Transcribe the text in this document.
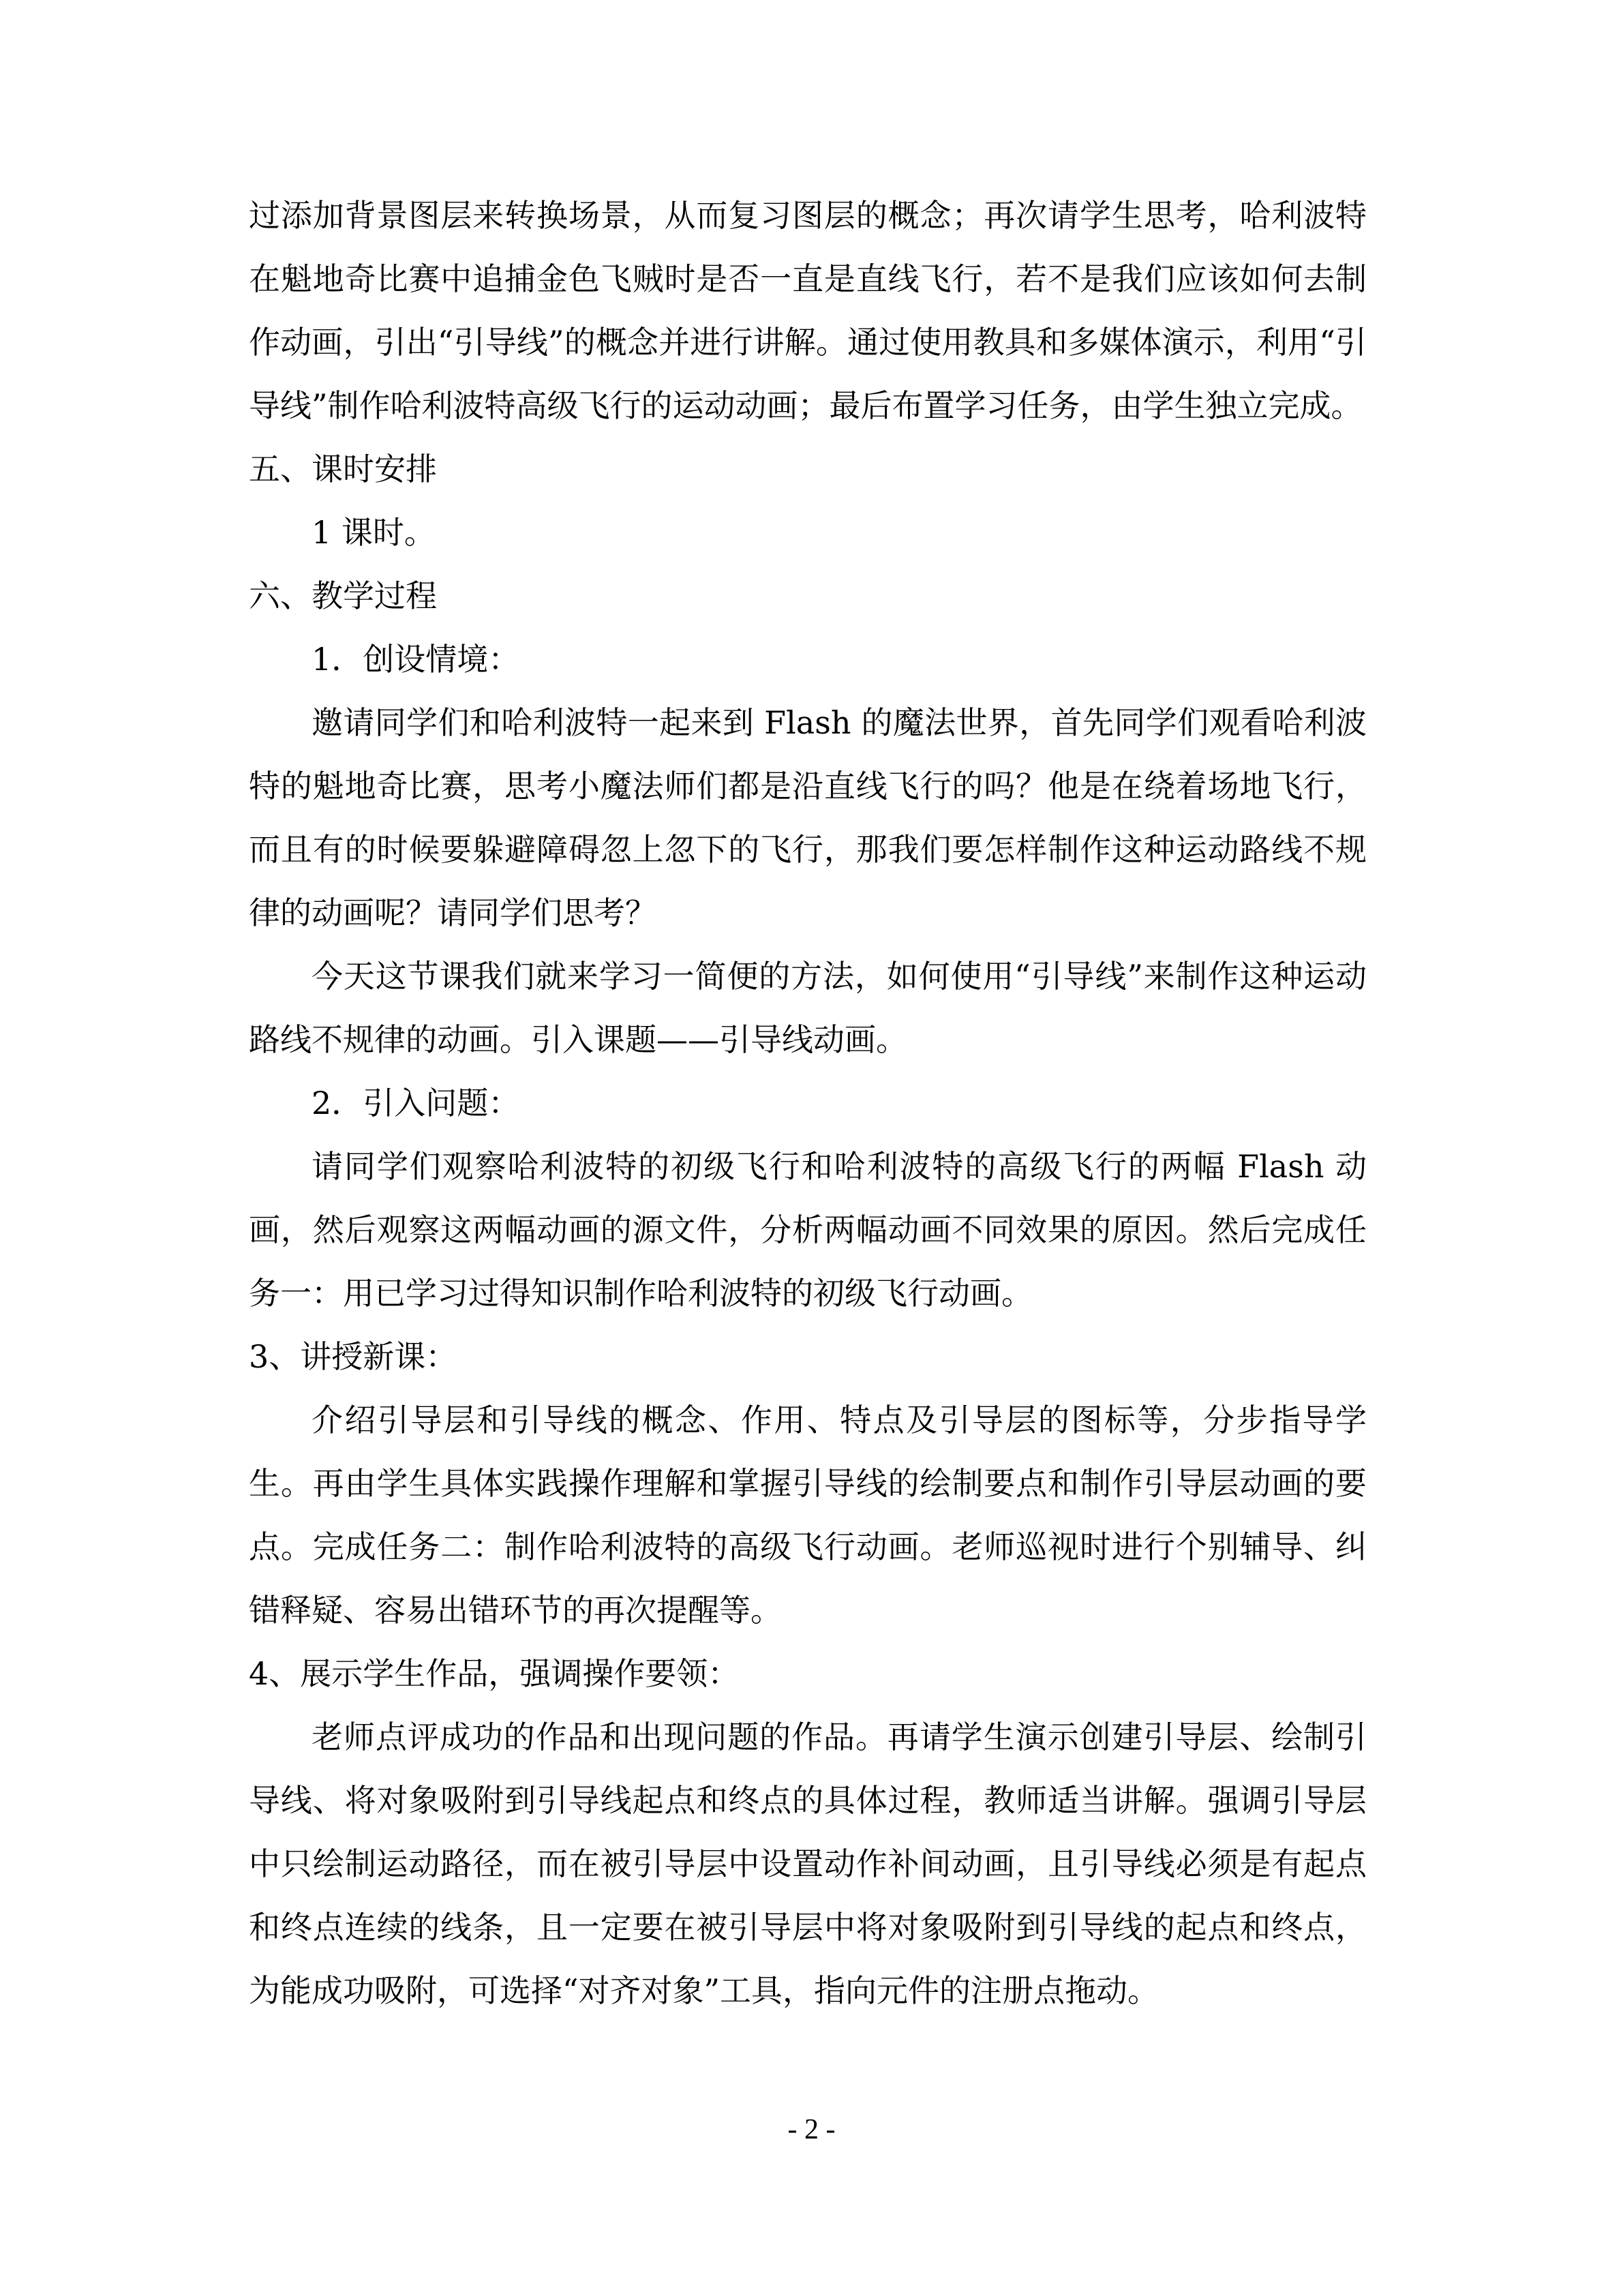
过添加背景图层来转换场景，从而复习图层的概念；再次请学生思考，哈利波特在魁地奇比赛中追捕金色飞贼时是否一直是直线飞行，若不是我们应该如何去制作动画，引出“引导线”的概念并进行讲解。通过使用教具和多媒体演示，利用“引导线”制作哈利波特高级飞行的运动动画；最后布置学习任务，由学生独立完成。

五、课时安排

1 课时。

六、教学过程

1．创设情境：

邀请同学们和哈利波特一起来到 Flash 的魔法世界，首先同学们观看哈利波特的魁地奇比赛，思考小魔法师们都是沿直线飞行的吗？他是在绕着场地飞行，而且有的时候要躲避障碍忽上忽下的飞行，那我们要怎样制作这种运动路线不规律的动画呢？请同学们思考？

今天这节课我们就来学习一简便的方法，如何使用“引导线”来制作这种运动路线不规律的动画。引入课题——引导线动画。

2．引入问题：

请同学们观察哈利波特的初级飞行和哈利波特的高级飞行的两幅 Flash 动画，然后观察这两幅动画的源文件，分析两幅动画不同效果的原因。然后完成任务一：用已学习过得知识制作哈利波特的初级飞行动画。

3、讲授新课：

介绍引导层和引导线的概念、作用、特点及引导层的图标等，分步指导学生。再由学生具体实践操作理解和掌握引导线的绘制要点和制作引导层动画的要点。完成任务二：制作哈利波特的高级飞行动画。老师巡视时进行个别辅导、纠错释疑、容易出错环节的再次提醒等。

4、展示学生作品，强调操作要领：

老师点评成功的作品和出现问题的作品。再请学生演示创建引导层、绘制引导线、将对象吸附到引导线起点和终点的具体过程，教师适当讲解。强调引导层中只绘制运动路径，而在被引导层中设置动作补间动画，且引导线必须是有起点和终点连续的线条，且一定要在被引导层中将对象吸附到引导线的起点和终点，为能成功吸附，可选择“对齐对象”工具，指向元件的注册点拖动。

- 2 -
